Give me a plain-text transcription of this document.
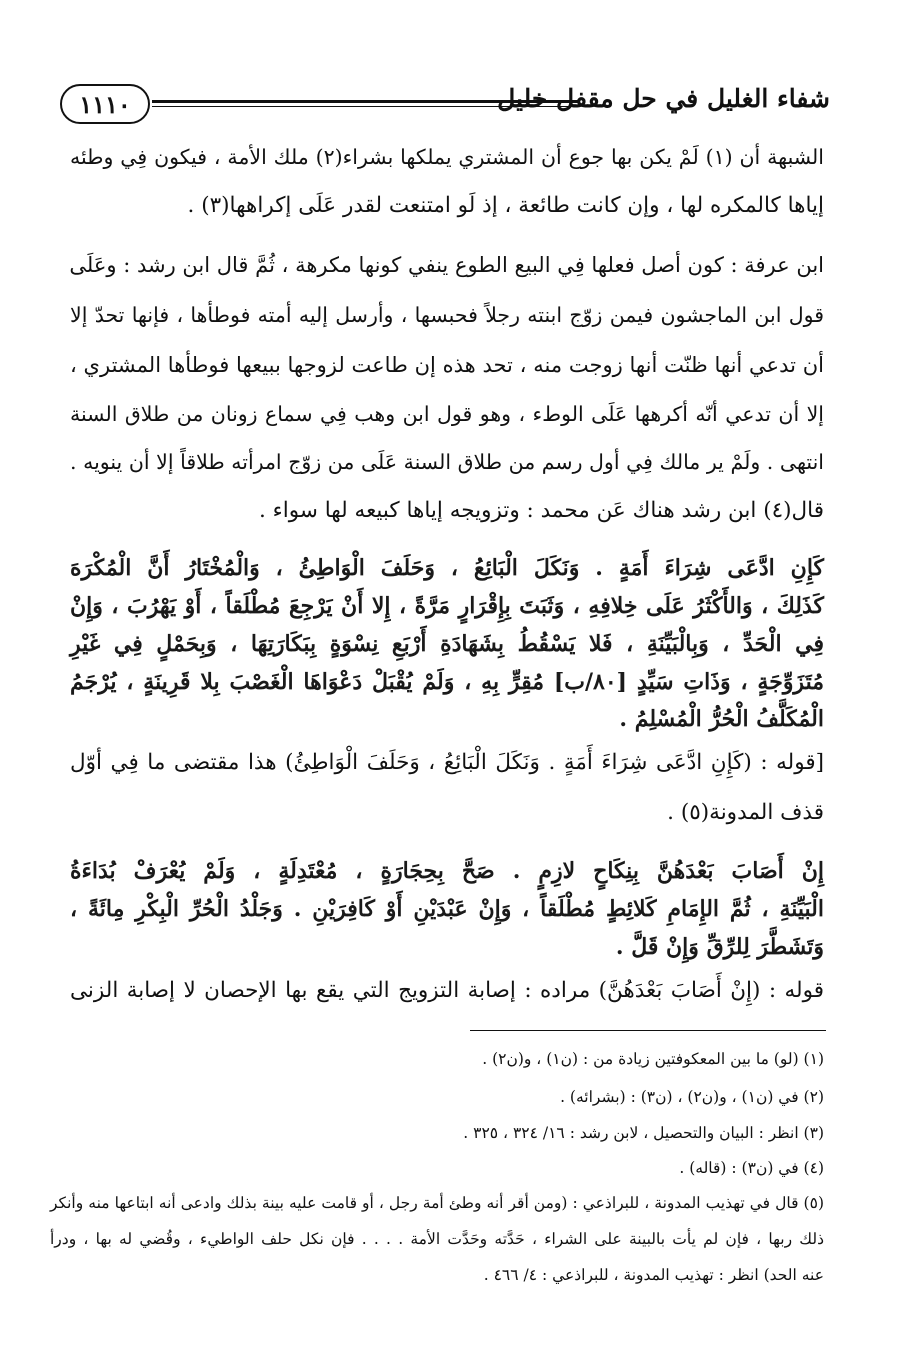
١١١٠	شفاء الغليل في حل مقفل خليل
الشبهة أن (١) لَمْ يكن بها جوع أن المشتري يملكها بشراء(٢) ملك الأمة ، فيكون فِي وطئه
إياها كالمكره لها ، وإن كانت طائعة ، إذ لَو امتنعت لقدر عَلَى إكراهها(٣) .
ابن عرفة : كون أصل فعلها فِي البيع الطوع ينفي كونها مكرهة ، ثُمَّ قال ابن رشد : وعَلَى
قول ابن الماجشون فيمن زوّج ابنته رجلاً فحبسها ، وأرسل إليه أمته فوطأها ، فإنها تحدّ إلا
أن تدعي أنها ظنّت أنها زوجت منه ، تحد هذه إن طاعت لزوجها ببيعها فوطأها المشتري ،
إلا أن تدعي أنّه أكرهها عَلَى الوطء ، وهو قول ابن وهب فِي سماع زونان من طلاق السنة
انتهى . ولَمْ ير مالك فِي أول رسم من طلاق السنة عَلَى من زوّج امرأته طلاقاً إلا أن ينويه .
قال(٤) ابن رشد هناك عَن محمد : وتزويجه إياها كبيعه لها سواء .
كَإِنِ ادَّعَى شِرَاءَ أَمَةٍ . وَنَكَلَ الْبَائِعُ ، وَحَلَفَ الْوَاطِئُ ، وَالْمُخْتَارُ أَنَّ الْمُكْرَهَ
كَذَلِكَ ، وَالأَكْثَرُ عَلَى خِلافِهِ ، وَثَبَتَ بِإِقْرَارٍ مَرَّةً ، إِلا أَنْ يَرْجِعَ مُطْلَقاً ، أَوْ يَهْرُبَ ، وَإِنْ
فِي الْحَدِّ ، وَبِالْبَيِّنَةِ ، فَلا يَسْقُطُ بِشَهَادَةِ أَرْبَعِ نِسْوَةٍ بِبَكَارَتِهَا ، وَبِحَمْلٍ فِي غَيْرِ
مُتَزَوِّجَةٍ ، وَذَاتِ سَيِّدٍ [٨٠/ب] مُقِرٍّ بِهِ ، وَلَمْ يُقْبَلْ دَعْوَاهَا الْغَصْبَ بِلا قَرِينَةٍ ، يُرْجَمُ
الْمُكَلَّفُ الْحُرُّ الْمُسْلِمُ .
[قوله : (كَإِنِ ادَّعَى شِرَاءَ أَمَةٍ . وَنَكَلَ الْبَائِعُ ، وَحَلَفَ الْوَاطِئُ) هذا مقتضى ما فِي أوّل
قذف المدونة(٥) .
إِنْ أَصَابَ بَعْدَهُنَّ بِنِكَاحٍ لازِمٍ . صَحَّ بِحِجَارَةٍ ، مُعْتَدِلَةٍ ، وَلَمْ يُعْرَفْ بُدَاءَةُ
الْبَيِّنَةِ ، ثُمَّ الإِمَامِ كَلائِطٍ مُطْلَقاً ، وَإِنْ عَبْدَيْنِ أَوْ كَافِرَيْنِ . وَجَلْدُ الْحُرِّ الْبِكْرِ مِائَةً ،
وَتَشَطَّرَ لِلرِّقِّ وَإِنْ قَلَّ .
قوله : (إِنْ أَصَابَ بَعْدَهُنَّ) مراده : إصابة التزويج التي يقع بها الإحصان لا إصابة الزنى
(١) (لو) ما بين المعكوفتين زيادة من : (ن١) ، و(ن٢) .
(٢) في (ن١) ، و(ن٢) ، (ن٣) : (بشرائه) .
(٣) انظر : البيان والتحصيل ، لابن رشد : ١٦/ ٣٢٤ ، ٣٢٥ .
(٤) في (ن٣) : (قاله) .
(٥) قال في تهذيب المدونة ، للبراذعي : (ومن أقر أنه وطئ أمة رجل ، أو قامت عليه بينة بذلك وادعى أنه ابتاعها منه وأنكر
ذلك ربها ، فإن لم يأت بالبينة على الشراء ، حَدَّته وحَدَّت الأمة . . . . فإن نكل حلف الواطيء ، وقُضي له بها ، ودرأ
عنه الحد) انظر : تهذيب المدونة ، للبراذعي : ٤/ ٤٦٦ .
